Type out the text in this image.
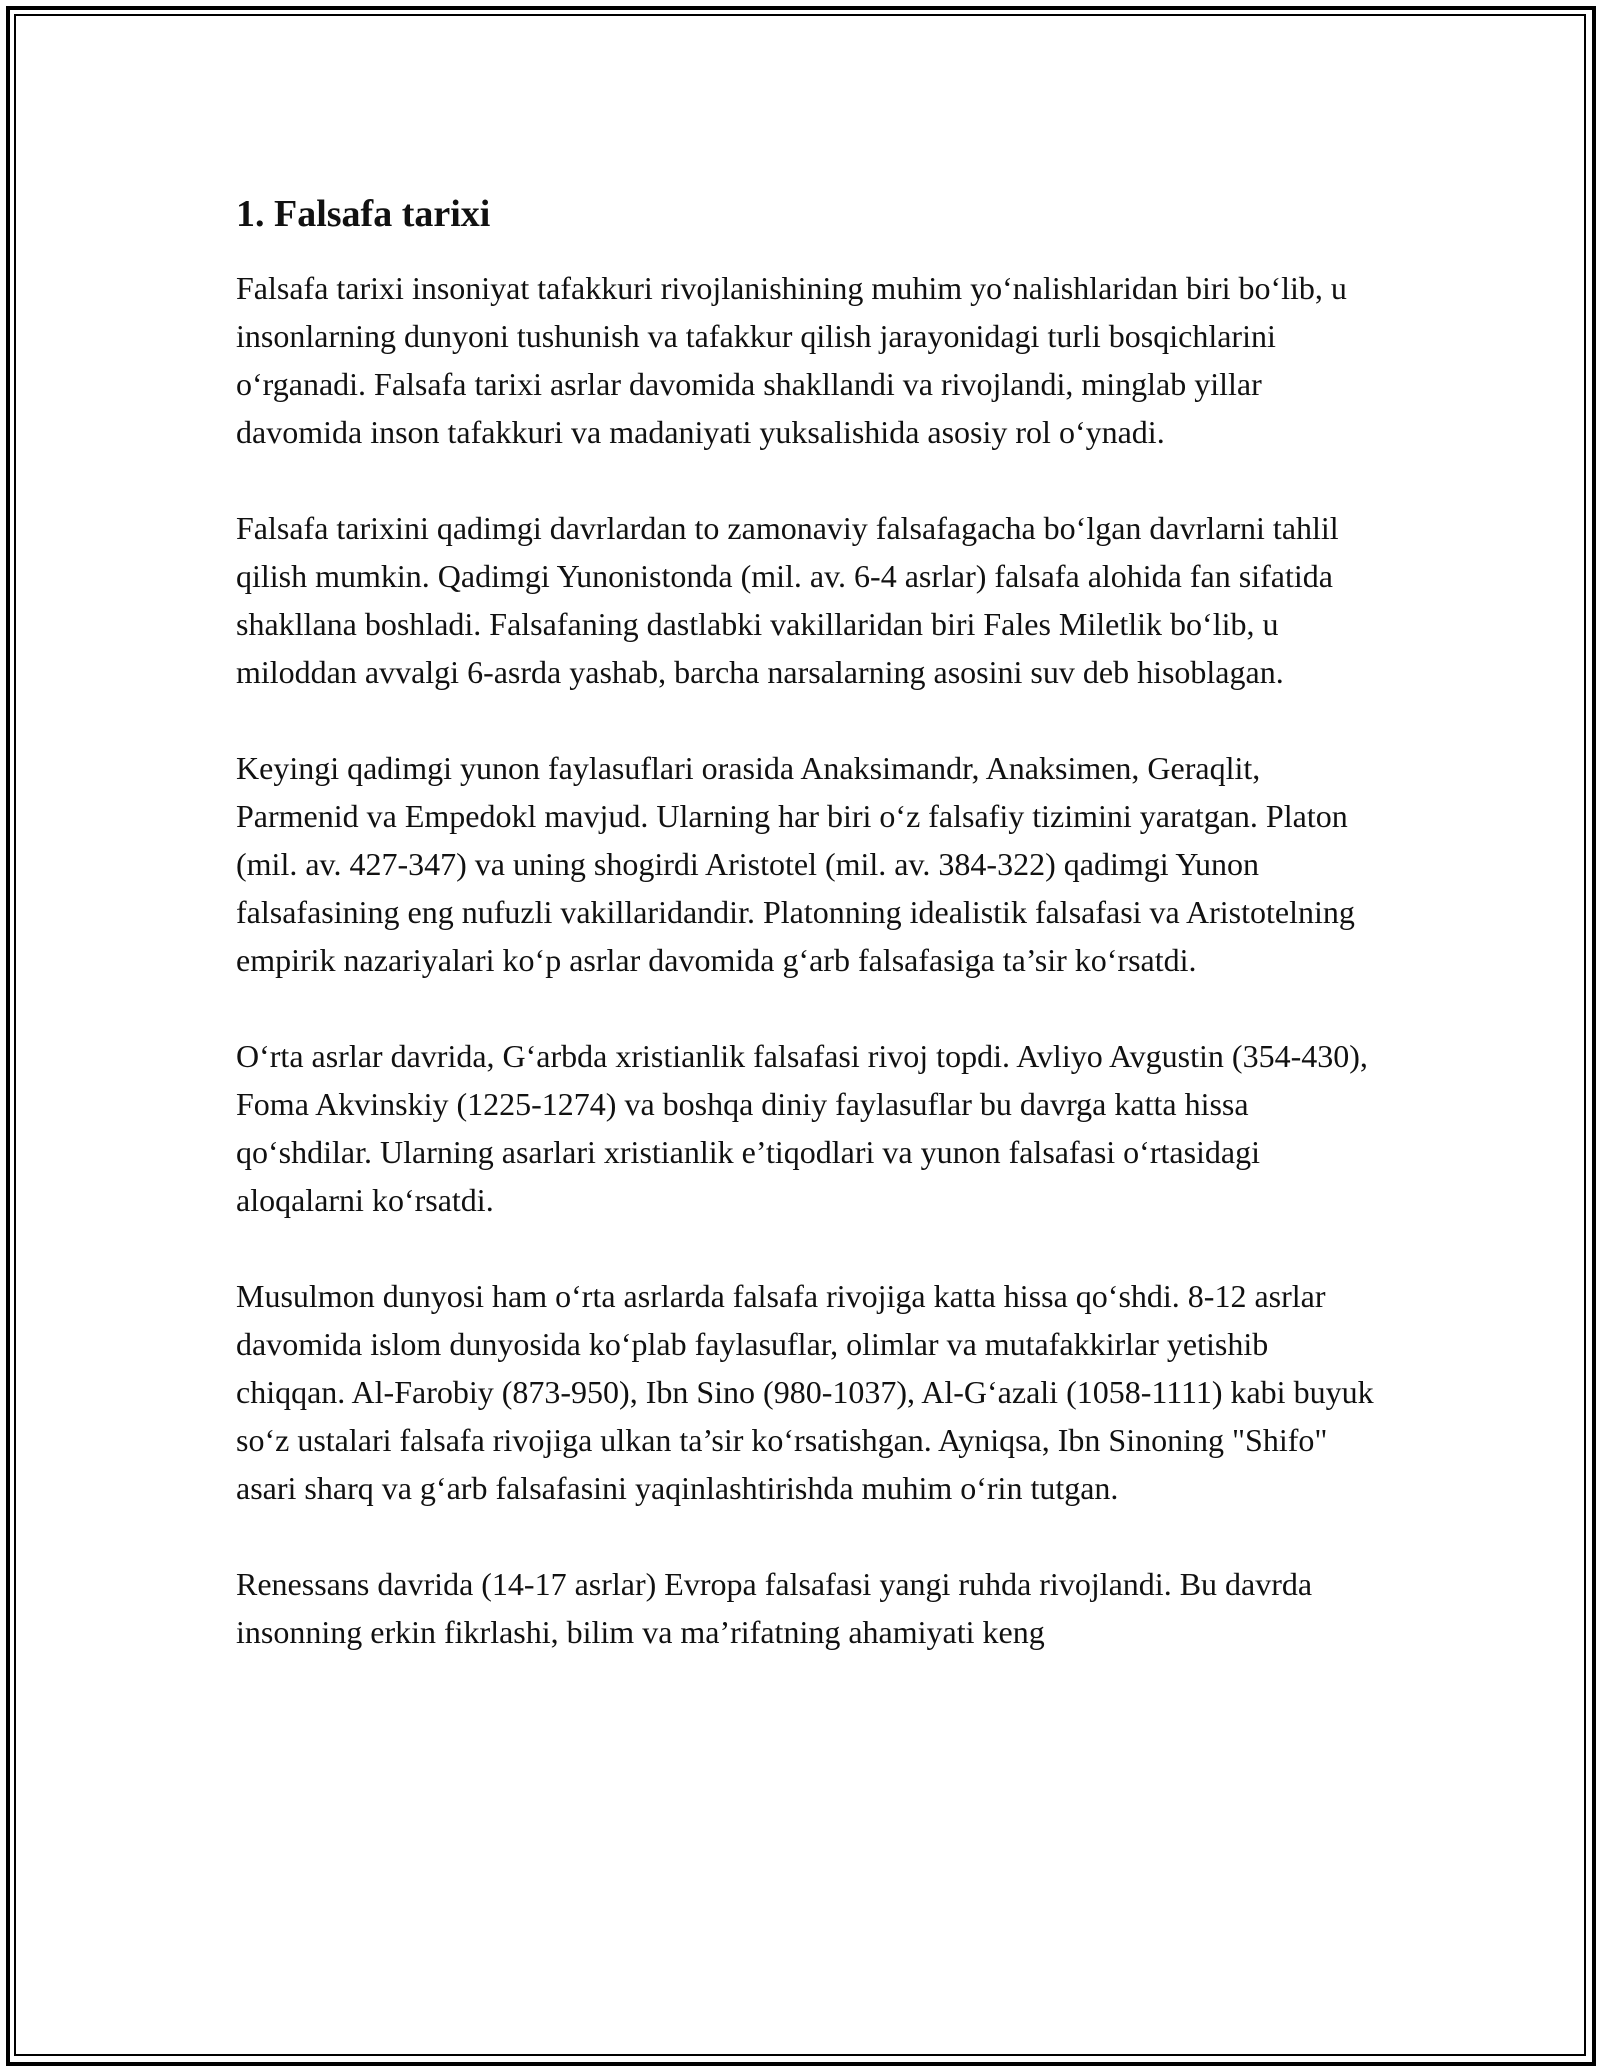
1. Falsafa tarixi

Falsafa tarixi insoniyat tafakkuri rivojlanishining muhim yo‘nalishlaridan biri bo‘lib, u insonlarning dunyoni tushunish va tafakkur qilish jarayonidagi turli bosqichlarini o‘rganadi. Falsafa tarixi asrlar davomida shakllandi va rivojlandi, minglab yillar davomida inson tafakkuri va madaniyati yuksalishida asosiy rol o‘ynadi.

Falsafa tarixini qadimgi davrlardan to zamonaviy falsafagacha bo‘lgan davrlarni tahlil qilish mumkin. Qadimgi Yunonistonda (mil. av. 6-4 asrlar) falsafa alohida fan sifatida shakllana boshladi. Falsafaning dastlabki vakillaridan biri Fales Miletlik bo‘lib, u miloddan avvalgi 6-asrda yashab, barcha narsalarning asosini suv deb hisoblagan.

Keyingi qadimgi yunon faylasuflari orasida Anaksimandr, Anaksimen, Geraqlit, Parmenid va Empedokl mavjud. Ularning har biri o‘z falsafiy tizimini yaratgan. Platon (mil. av. 427-347) va uning shogirdi Aristotel (mil. av. 384-322) qadimgi Yunon falsafasining eng nufuzli vakillaridandir. Platonning idealistik falsafasi va Aristotelning empirik nazariyalari ko‘p asrlar davomida g‘arb falsafasiga ta’sir ko‘rsatdi.

O‘rta asrlar davrida, G‘arbda xristianlik falsafasi rivoj topdi. Avliyo Avgustin (354-430), Foma Akvinskiy (1225-1274) va boshqa diniy faylasuflar bu davrga katta hissa qo‘shdilar. Ularning asarlari xristianlik e’tiqodlari va yunon falsafasi o‘rtasidagi aloqalarni ko‘rsatdi.

Musulmon dunyosi ham o‘rta asrlarda falsafa rivojiga katta hissa qo‘shdi. 8-12 asrlar davomida islom dunyosida ko‘plab faylasuflar, olimlar va mutafakkirlar yetishib chiqqan. Al-Farobiy (873-950), Ibn Sino (980-1037), Al-G‘azali (1058-1111) kabi buyuk so‘z ustalari falsafa rivojiga ulkan ta’sir ko‘rsatishgan. Ayniqsa, Ibn Sinoning "Shifo" asari sharq va g‘arb falsafasini yaqinlashtirishda muhim o‘rin tutgan.

Renessans davrida (14-17 asrlar) Evropa falsafasi yangi ruhda rivojlandi. Bu davrda insonning erkin fikrlashi, bilim va ma’rifatning ahamiyati keng
